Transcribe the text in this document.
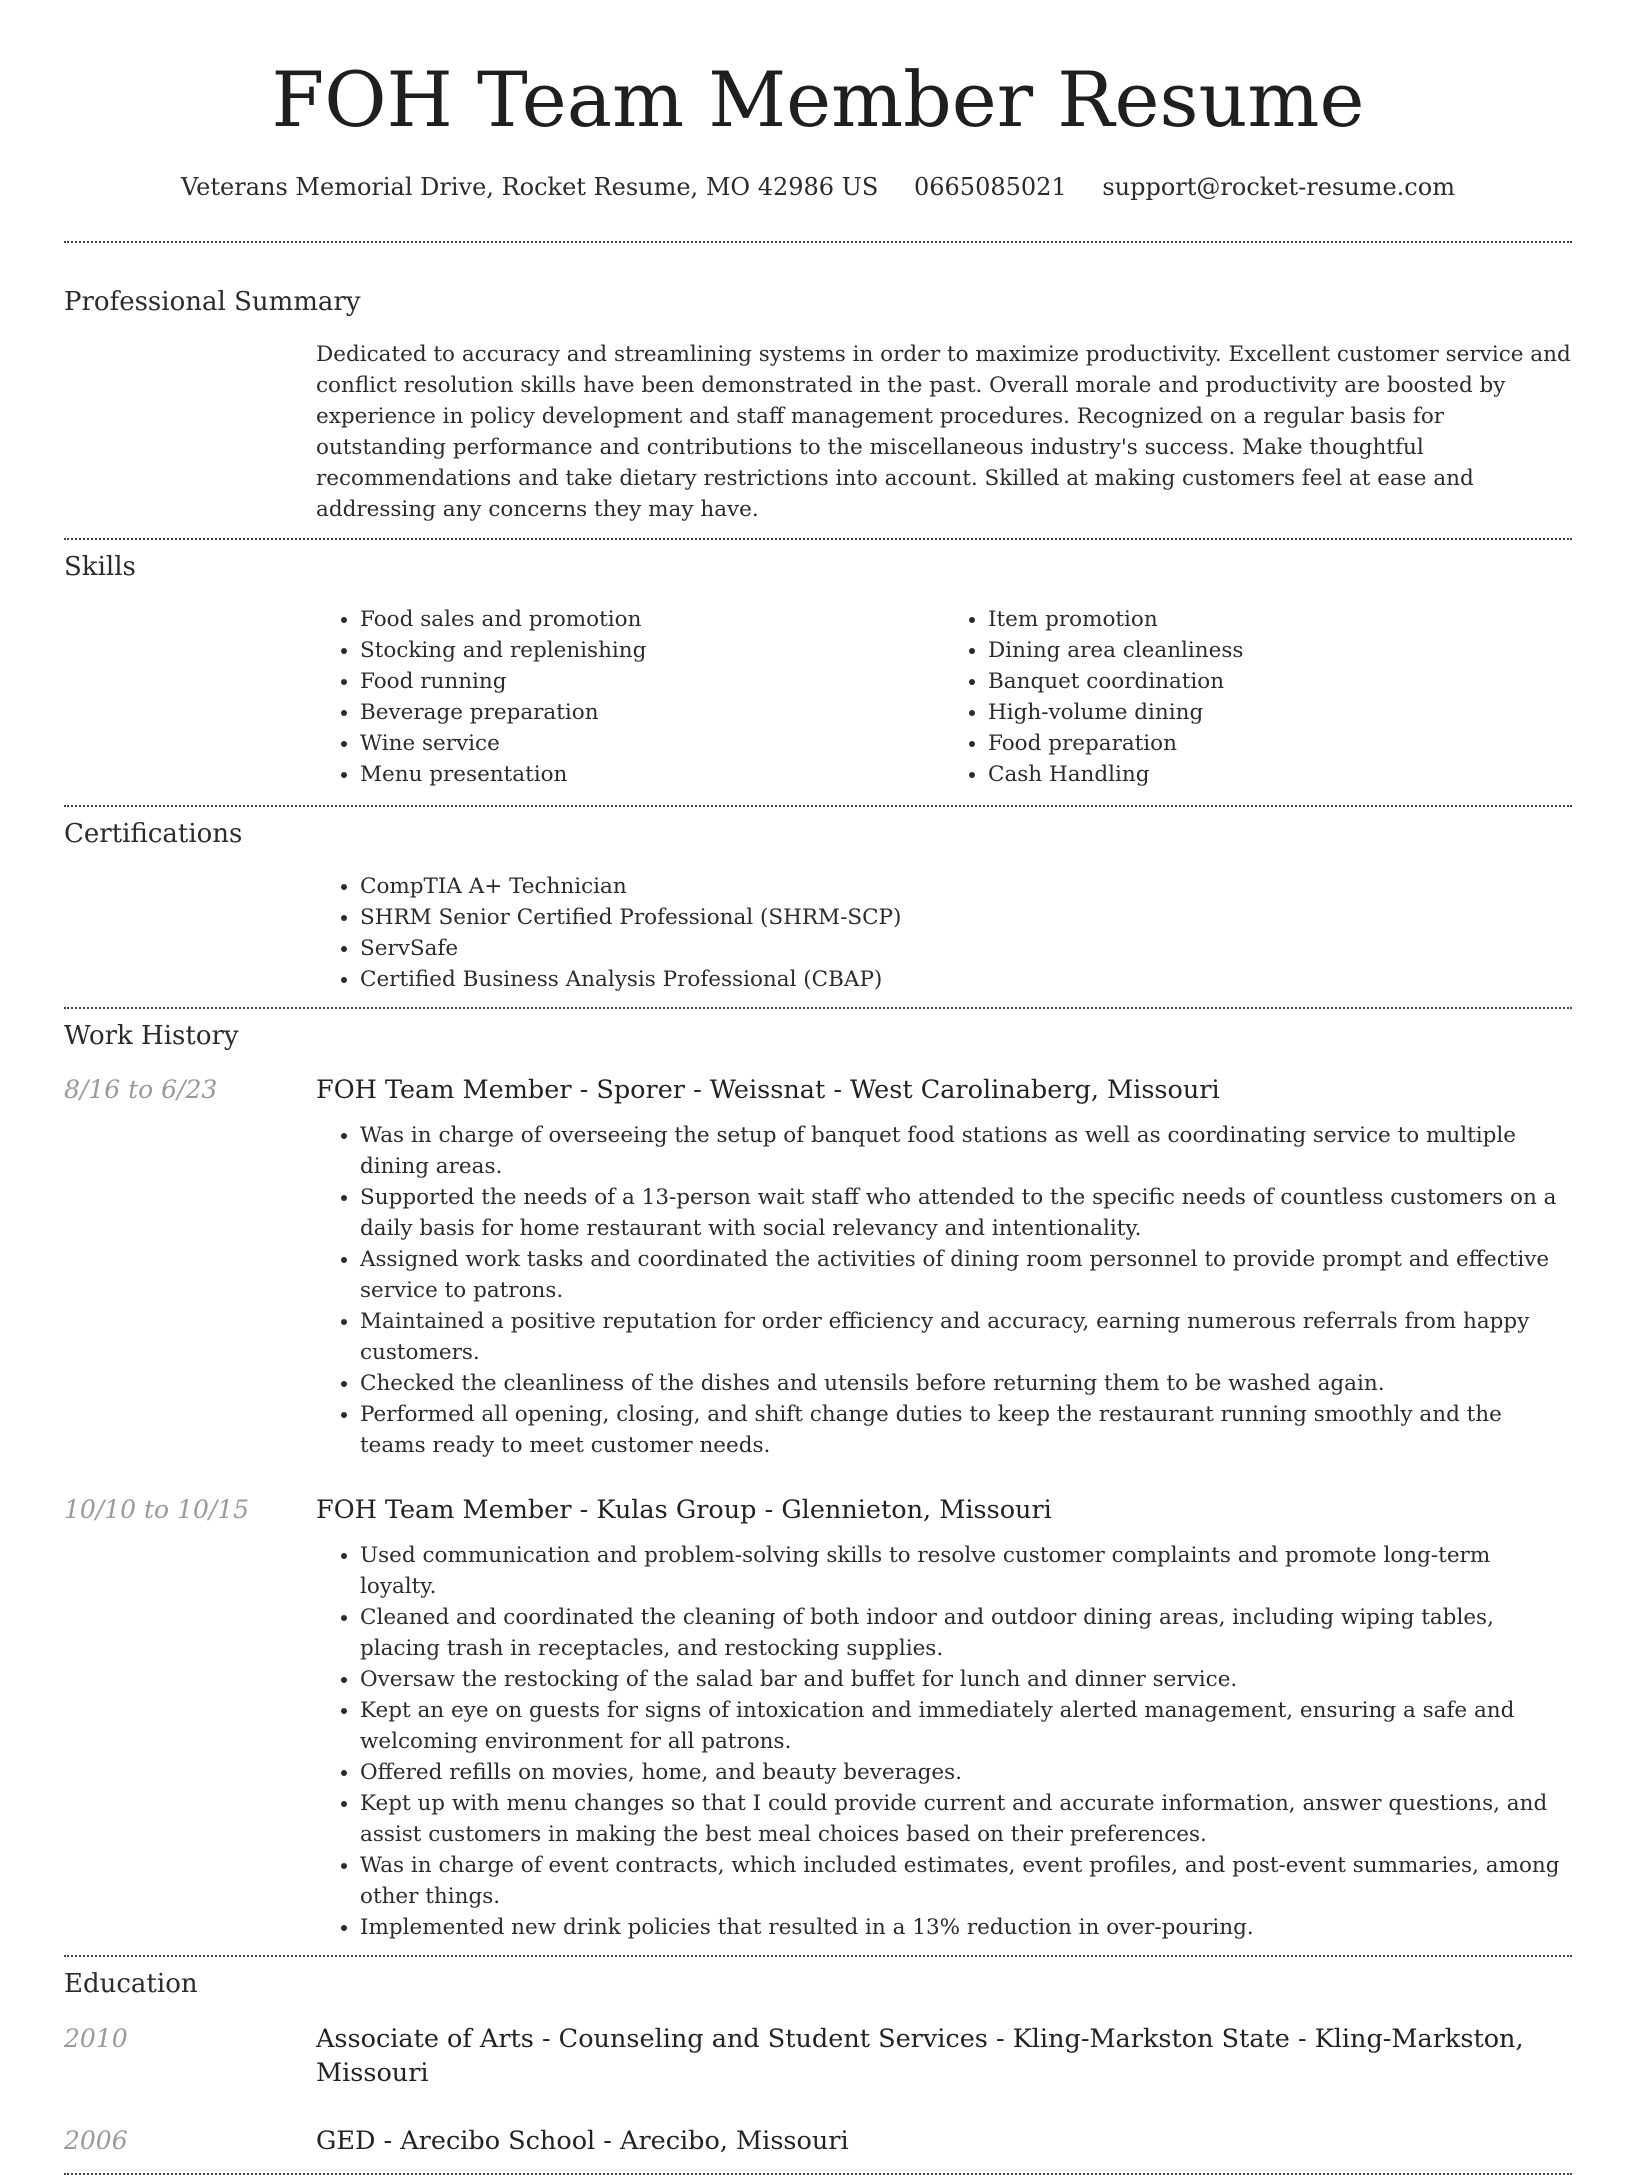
FOH Team Member Resume
Veterans Memorial Drive, Rocket Resume, MO 42986 US 0665085021 support@rocket-resume.com
Professional Summary
Dedicated to accuracy and streamlining systems in order to maximize productivity. Excellent customer service and conflict resolution skills have been demonstrated in the past. Overall morale and productivity are boosted by experience in policy development and staff management procedures. Recognized on a regular basis for outstanding performance and contributions to the miscellaneous industry's success. Make thoughtful recommendations and take dietary restrictions into account. Skilled at making customers feel at ease and addressing any concerns they may have.
Skills
• Food sales and promotion
• Stocking and replenishing
• Food running
• Beverage preparation
• Wine service
• Menu presentation
• Item promotion
• Dining area cleanliness
• Banquet coordination
• High-volume dining
• Food preparation
• Cash Handling
Certifications
• CompTIA A+ Technician
• SHRM Senior Certified Professional (SHRM-SCP)
• ServSafe
• Certified Business Analysis Professional (CBAP)
Work History
8/16 to 6/23	FOH Team Member - Sporer - Weissnat - West Carolinaberg, Missouri
• Was in charge of overseeing the setup of banquet food stations as well as coordinating service to multiple dining areas.
• Supported the needs of a 13-person wait staff who attended to the specific needs of countless customers on a daily basis for home restaurant with social relevancy and intentionality.
• Assigned work tasks and coordinated the activities of dining room personnel to provide prompt and effective service to patrons.
• Maintained a positive reputation for order efficiency and accuracy, earning numerous referrals from happy customers.
• Checked the cleanliness of the dishes and utensils before returning them to be washed again.
• Performed all opening, closing, and shift change duties to keep the restaurant running smoothly and the teams ready to meet customer needs.
10/10 to 10/15	FOH Team Member - Kulas Group - Glennieton, Missouri
• Used communication and problem-solving skills to resolve customer complaints and promote long-term loyalty.
• Cleaned and coordinated the cleaning of both indoor and outdoor dining areas, including wiping tables, placing trash in receptacles, and restocking supplies.
• Oversaw the restocking of the salad bar and buffet for lunch and dinner service.
• Kept an eye on guests for signs of intoxication and immediately alerted management, ensuring a safe and welcoming environment for all patrons.
• Offered refills on movies, home, and beauty beverages.
• Kept up with menu changes so that I could provide current and accurate information, answer questions, and assist customers in making the best meal choices based on their preferences.
• Was in charge of event contracts, which included estimates, event profiles, and post-event summaries, among other things.
• Implemented new drink policies that resulted in a 13% reduction in over-pouring.
Education
2010	Associate of Arts - Counseling and Student Services - Kling-Markston State - Kling-Markston, Missouri
2006	GED - Arecibo School - Arecibo, Missouri
